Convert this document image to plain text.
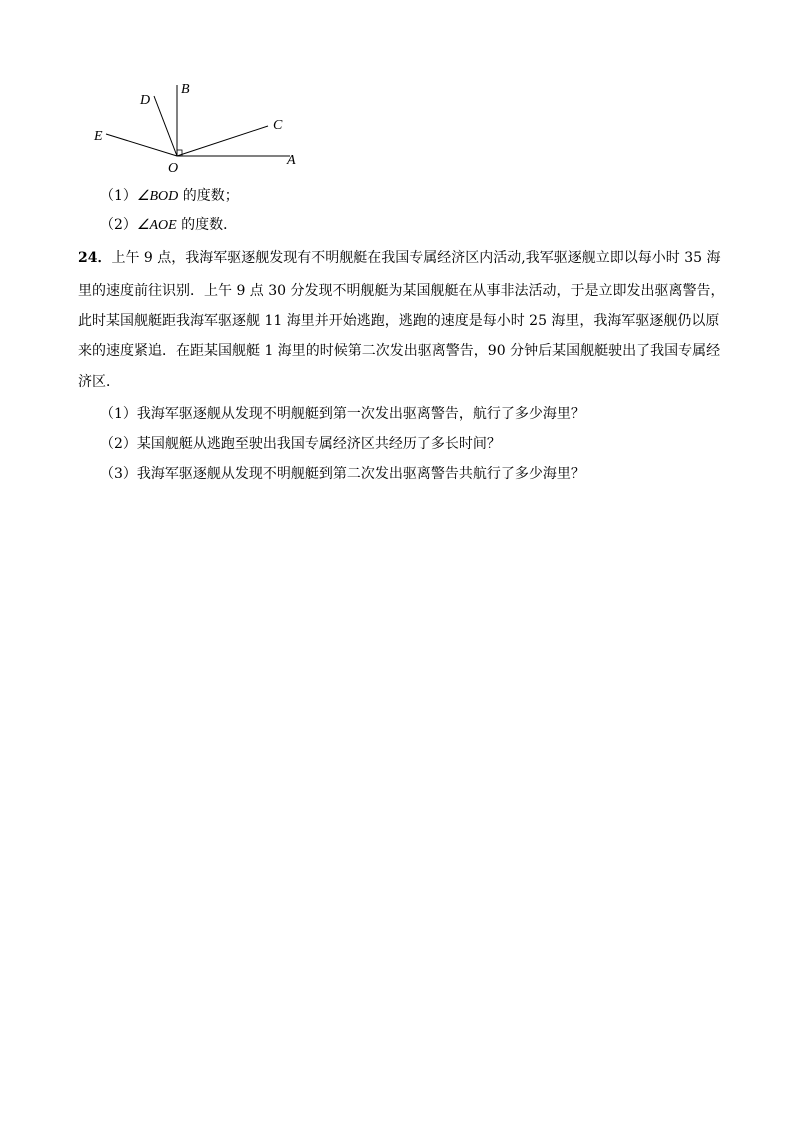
B
D
C
E
O
A
（1）∠BOD 的度数；
（2）∠AOE 的度数．
24．上午 9 点，我海军驱逐舰发现有不明舰艇在我国专属经济区内活动,我军驱逐舰立即以每小时 35 海
里的速度前往识别．上午 9 点 30 分发现不明舰艇为某国舰艇在从事非法活动，于是立即发出驱离警告，
此时某国舰艇距我海军驱逐舰 11 海里并开始逃跑，逃跑的速度是每小时 25 海里，我海军驱逐舰仍以原
来的速度紧追．在距某国舰艇 1 海里的时候第二次发出驱离警告，90 分钟后某国舰艇驶出了我国专属经
济区．
（1）我海军驱逐舰从发现不明舰艇到第一次发出驱离警告，航行了多少海里？
（2）某国舰艇从逃跑至驶出我国专属经济区共经历了多长时间？
（3）我海军驱逐舰从发现不明舰艇到第二次发出驱离警告共航行了多少海里？
